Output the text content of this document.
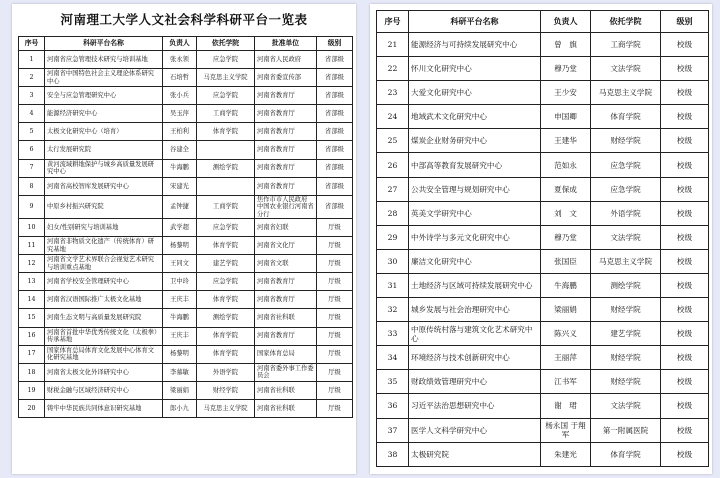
河南理工大学人文社会科学科研平台一览表
序号	科研平台名称	负责人	依托学院	批准单位	级别
1	河南省应急管理技术研究与培训基地	张永领	应急学院	河南省人民政府	省部级
2	河南省中国特色社会主义理论体系研究中心	石培哲	马克思主义学院	河南省委宣传部	省部级
3	安全与应急管理研究中心	张小兵	应急学院	河南省教育厅	省部级
4	能源经济研究中心	吴玉萍	工商学院	河南省教育厅	省部级
5	太极文化研究中心（培育）	王柏利	体育学院	河南省教育厅	省部级
6	太行发展研究院	谷建全		河南省教育厅	省部级
7	黄河流域耕地保护与城乡高质量发展研究中心	牛海鹏	测绘学院	河南省教育厅	省部级
8	河南省高校智库发展研究中心	宋建光		河南省教育厅	省部级
9	中原乡村振兴研究院	孟钟捷	工商学院	焦作市市人民政府 中国农业银行河南省分行	省部级
10	妇女/性别研究与培训基地	武学超	应急学院	河南省妇联	厅级
11	河南省非物质文化遗产（传统体育）研究基地	杨黎明	体育学院	河南省文化厅	厅级
12	河南省文学艺术界联合会视觉艺术研究与培训重点基地	王同文	建艺学院	河南省文联	厅级
13	河南省学校安全管理研究中心	卫中玲	应急学院	河南省教育厅	厅级
14	河南省汉语国际推广太极文化基地	王庆丰	体育学院	河南省教育厅	厅级
15	河南生态文明与高质量发展研究院	牛海鹏	测绘学院	河南省社科联	厅级
16	河南省首批中华优秀传统文化（太极拳）传承基地	王庆丰	体育学院	河南省教育厅	厅级
17	国家体育总局体育文化发展中心体育文化研究基地	杨黎明	体育学院	国家体育总局	厅级
18	河南省太极文化外译研究中心	李慕敏	外语学院	河南省委外事工作委员会	厅级
19	财税金融与区域经济研究中心	梁丽娟	财经学院	河南省社科联	厅级
20	铸牢中华民族共同体意识研究基地	郎小九	马克思主义学院	河南省社科联	厅级
序号	科研平台名称	负责人	依托学院	级别
21	能源经济与可持续发展研究中心	曾　旗	工商学院	校级
22	怀川文化研究中心	穆乃堂	文法学院	校级
23	大爱文化研究中心	王少安	马克思主义学院	校级
24	地域武术文化研究中心	申国卿	体育学院	校级
25	煤炭企业财务研究中心	王建华	财经学院	校级
26	中部高等教育发展研究中心	范如永	应急学院	校级
27	公共安全管理与规划研究中心	夏保成	应急学院	校级
28	英美文学研究中心	刘　文	外语学院	校级
29	中外诗学与多元文化研究中心	穆乃堂	文法学院	校级
30	廉洁文化研究中心	张国臣	马克思主义学院	校级
31	土地经济与区域可持续发展研究中心	牛海鹏	测绘学院	校级
32	城乡发展与社会治理研究中心	梁丽娟	财经学院	校级
33	中原传统村落与建筑文化艺术研究中心	陈兴义	建艺学院	校级
34	环境经济与技术创新研究中心	王丽萍	财经学院	校级
35	财政绩效管理研究中心	江书军	财经学院	校级
36	习近平法治思想研究中心	谢　珺	文法学院	校级
37	医学人文科学研究中心	杨永国 于翔军	第一附属医院	校级
38	太极研究院	朱建光	体育学院	校级
